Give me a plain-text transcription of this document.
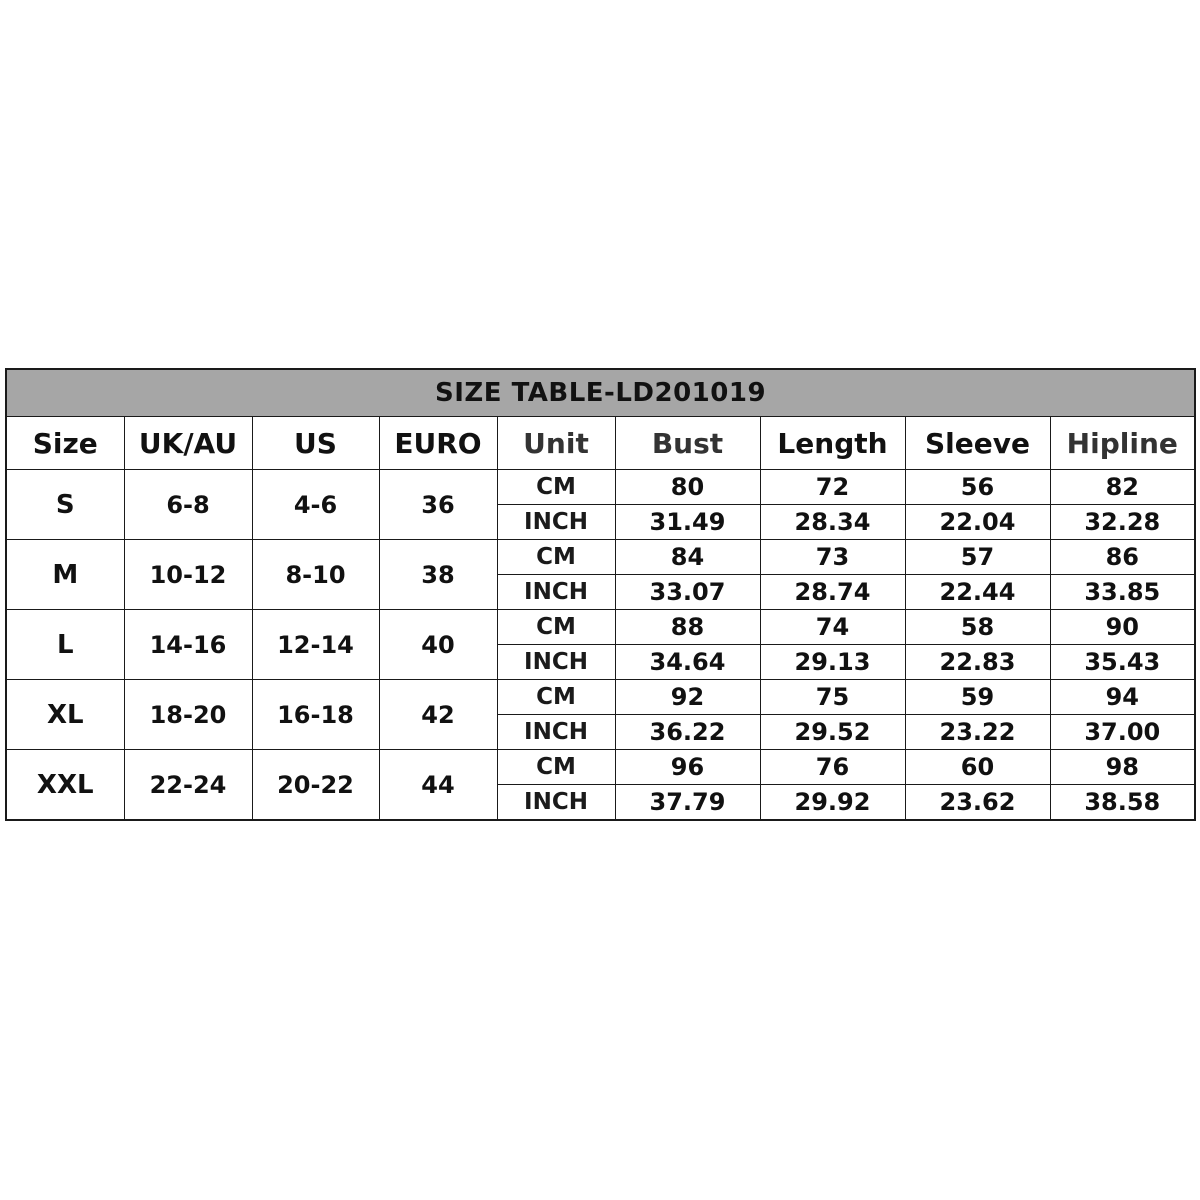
SIZE TABLE-LD201019								
Size	UK/AU	US	EURO	Unit	Bust	Length	Sleeve	Hipline
S	6-8	4-6	36	CM	80	72	56	82
				INCH	31.49	28.34	22.04	32.28
M	10-12	8-10	38	CM	84	73	57	86
				INCH	33.07	28.74	22.44	33.85
L	14-16	12-14	40	CM	88	74	58	90
				INCH	34.64	29.13	22.83	35.43
XL	18-20	16-18	42	CM	92	75	59	94
				INCH	36.22	29.52	23.22	37.00
XXL	22-24	20-22	44	CM	96	76	60	98
				INCH	37.79	29.92	23.62	38.58
